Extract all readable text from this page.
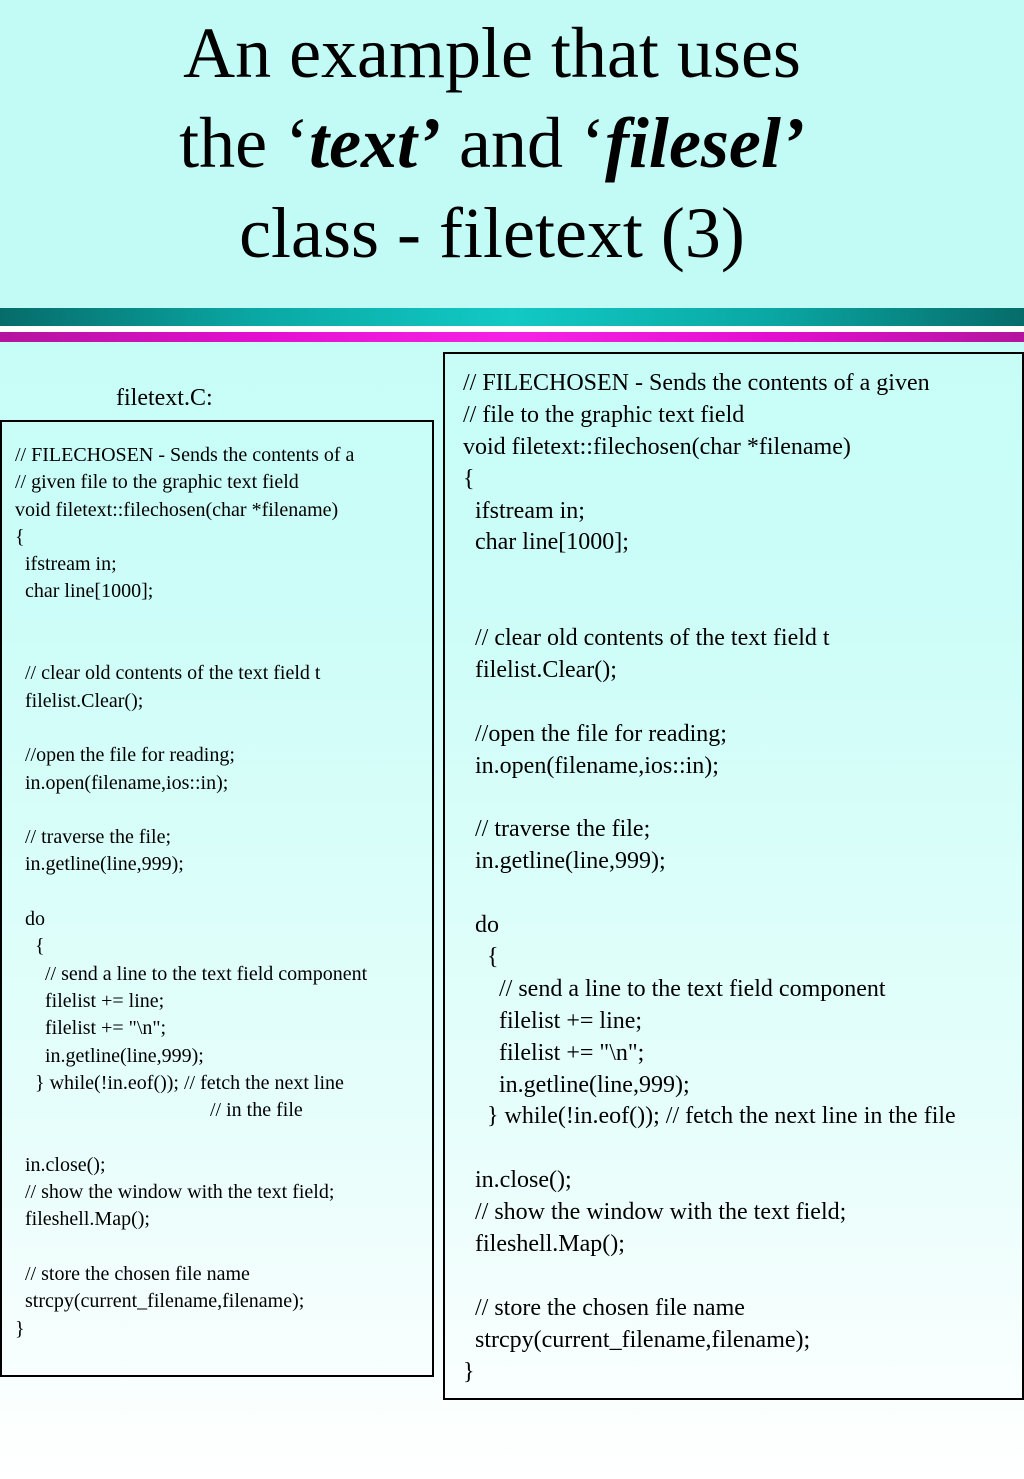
An example that uses
the ‘text’ and ‘filesel’
class - filetext (3)
filetext.C:
// FILECHOSEN - Sends the contents of a
// given file to the graphic text field
void filetext::filechosen(char *filename)
{
ifstream in;
char line[1000];
// clear old contents of the text field t
filelist.Clear();
//open the file for reading;
in.open(filename,ios::in);
// traverse the file;
in.getline(line,999);
do
{
// send a line to the text field component
filelist += line;
filelist += "\n";
in.getline(line,999);
} while(!in.eof()); // fetch the next line
// in the file
in.close();
// show the window with the text field;
fileshell.Map();
// store the chosen file name
strcpy(current_filename,filename);
}
// FILECHOSEN - Sends the contents of a given
// file to the graphic text field
void filetext::filechosen(char *filename)
{
ifstream in;
char line[1000];
// clear old contents of the text field t
filelist.Clear();
//open the file for reading;
in.open(filename,ios::in);
// traverse the file;
in.getline(line,999);
do
{
// send a line to the text field component
filelist += line;
filelist += "\n";
in.getline(line,999);
} while(!in.eof()); // fetch the next line in the file
in.close();
// show the window with the text field;
fileshell.Map();
// store the chosen file name
strcpy(current_filename,filename);
}
